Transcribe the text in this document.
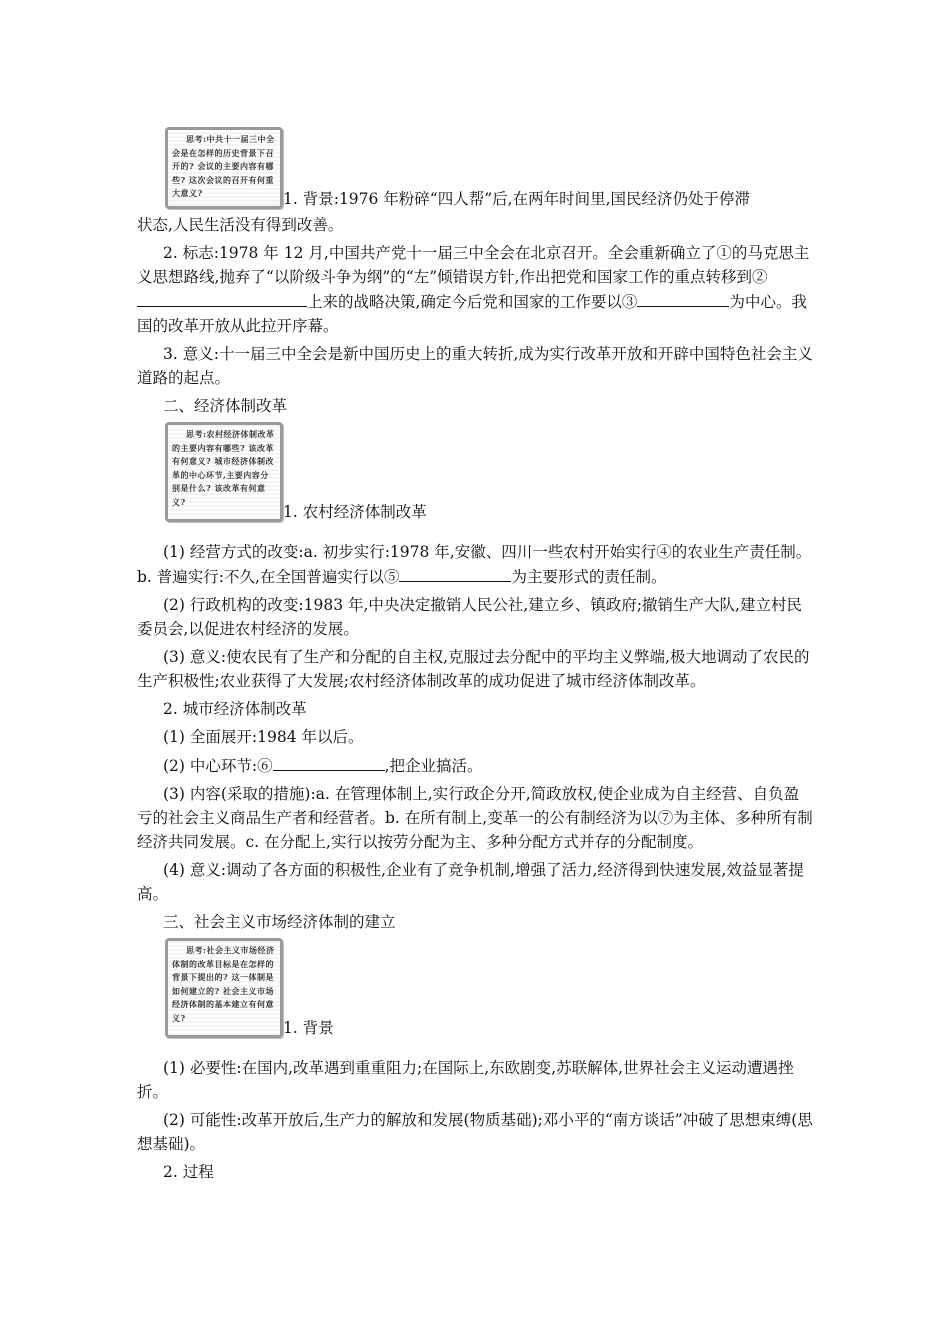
思考:中共十一届三中全会是在怎样的历史背景下召开的? 会议的主要内容有哪些? 这次会议的召开有何重大意义?	1. 背景:1976 年粉碎“四人帮”后,在两年时间里,国民经济仍处于停滞

状态,人民生活没有得到改善。

2. 标志:1978 年 12 月,中国共产党十一届三中全会在北京召开。全会重新确立了①的马克思主义思想路线,抛弃了“以阶级斗争为纲”的“左”倾错误方针,作出把党和国家工作的重点转移到②上来的战略决策,确定今后党和国家的工作要以③	为中心。我国的改革开放从此拉开序幕。

3. 意义:十一届三中全会是新中国历史上的重大转折,成为实行改革开放和开辟中国特色社会主义道路的起点。

二、经济体制改革

思考:农村经济体制改革的主要内容有哪些? 该改革有何意义? 城市经济体制改革的中心环节,主要内容分别是什么? 该改革有何意义?
1. 农村经济体制改革

(1) 经营方式的改变:a. 初步实行:1978 年,安徽、四川一些农村开始实行④的农业生产责任制。b. 普遍实行:不久,在全国普遍实行以⑤	为主要形式的责任制。

(2) 行政机构的改变:1983 年,中央决定撤销人民公社,建立乡、镇政府;撤销生产大队,建立村民委员会,以促进农村经济的发展。

(3) 意义:使农民有了生产和分配的自主权,克服过去分配中的平均主义弊端,极大地调动了农民的生产积极性;农业获得了大发展;农村经济体制改革的成功促进了城市经济体制改革。

2. 城市经济体制改革

(1) 全面展开:1984 年以后。

(2) 中心环节:⑥	,把企业搞活。

(3) 内容(采取的措施):a. 在管理体制上,实行政企分开,简政放权,使企业成为自主经营、自负盈亏的社会主义商品生产者和经营者。b. 在所有制上,变革一的公有制经济为以⑦为主体、多种所有制经济共同发展。c. 在分配上,实行以按劳分配为主、多种分配方式并存的分配制度。

(4) 意义:调动了各方面的积极性,企业有了竞争机制,增强了活力,经济得到快速发展,效益显著提高。

三、社会主义市场经济体制的建立

思考:社会主义市场经济体制的改革目标是在怎样的背景下提出的? 这一体制是如何建立的? 社会主义市场经济体制的基本建立有何意义?
1. 背景

(1) 必要性:在国内,改革遇到重重阻力;在国际上,东欧剧变,苏联解体,世界社会主义运动遭遇挫折。

(2) 可能性:改革开放后,生产力的解放和发展(物质基础);邓小平的“南方谈话”冲破了思想束缚(思想基础)。

2. 过程
